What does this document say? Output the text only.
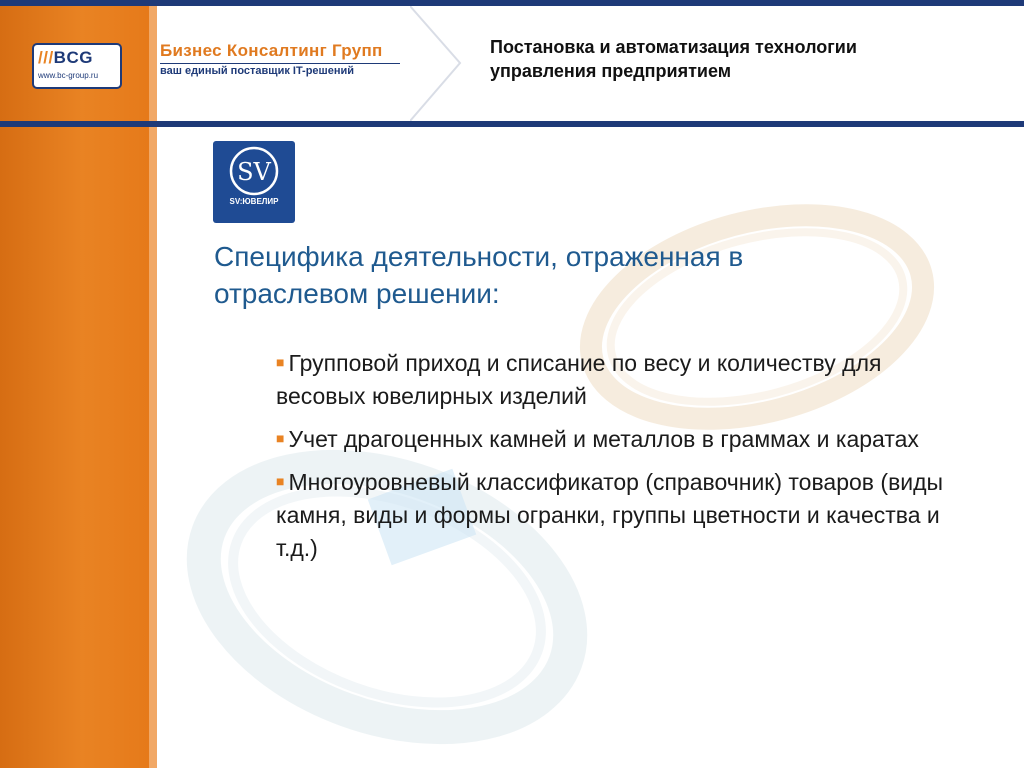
///BCG
www.bc-group.ru
Бизнес Консалтинг Групп
ваш единый поставщик IT-решений
Постановка и автоматизация технологии
управления предприятием
SV
SV:ЮВЕЛИР
Специфика деятельности, отраженная в
отраслевом решении:
■ Групповой приход и списание по весу и количеству для весовых ювелирных изделий
■ Учет драгоценных камней и металлов в граммах и каратах
■ Многоуровневый классификатор (справочник) товаров (виды камня, виды и формы огранки, группы цветности и качества и т.д.)
